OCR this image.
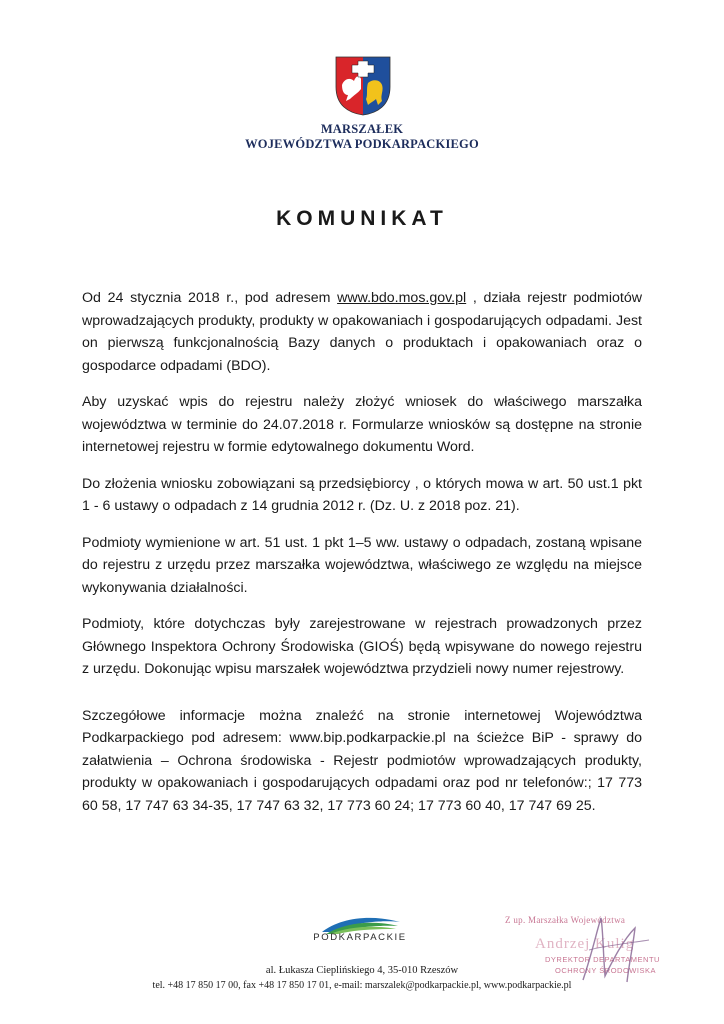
MARSZAŁEK
WOJEWÓDZTWA PODKARPACKIEGO
KOMUNIKAT

Od 24 stycznia 2018 r., pod adresem www.bdo.mos.gov.pl , działa rejestr podmiotów wprowadzających produkty, produkty w opakowaniach i gospodarujących odpadami. Jest on pierwszą funkcjonalnością Bazy danych o produktach i opakowaniach oraz o gospodarce odpadami (BDO).

Aby uzyskać wpis do rejestru należy złożyć wniosek do właściwego marszałka województwa w terminie do 24.07.2018 r. Formularze wniosków są dostępne na stronie internetowej rejestru w formie edytowalnego dokumentu Word.

Do złożenia wniosku zobowiązani są przedsiębiorcy , o których mowa w art. 50 ust.1 pkt 1 - 6 ustawy o odpadach z 14 grudnia 2012 r. (Dz. U. z 2018 poz. 21).

Podmioty wymienione w art. 51 ust. 1 pkt 1–5 ww. ustawy o odpadach, zostaną wpisane do rejestru z urzędu przez marszałka województwa, właściwego ze względu na miejsce wykonywania działalności.

Podmioty, które dotychczas były zarejestrowane w rejestrach prowadzonych przez Głównego Inspektora Ochrony Środowiska (GIOŚ) będą wpisywane do nowego rejestru z urzędu. Dokonując wpisu marszałek województwa przydzieli nowy numer rejestrowy.

Szczegółowe informacje można znaleźć na stronie internetowej Województwa Podkarpackiego pod adresem: www.bip.podkarpackie.pl na ścieżce BiP - sprawy do załatwienia – Ochrona środowiska - Rejestr podmiotów wprowadzających produkty, produkty w opakowaniach i gospodarujących odpadami oraz pod nr telefonów:; 17 773 60 58, 17 747 63 34-35, 17 747 63 32, 17 773 60 24; 17 773 60 40, 17 747 69 25.

PODKARPACKIE
al. Łukasza Cieplińskiego 4, 35-010 Rzeszów
tel. +48 17 850 17 00, fax +48 17 850 17 01, e-mail: marszalek@podkarpackie.pl, www.podkarpackie.pl
Z up. Marszałka Województwa
Andrzej Kulig
DYREKTOR DEPARTAMENTU
OCHRONY ŚRODOWISKA
